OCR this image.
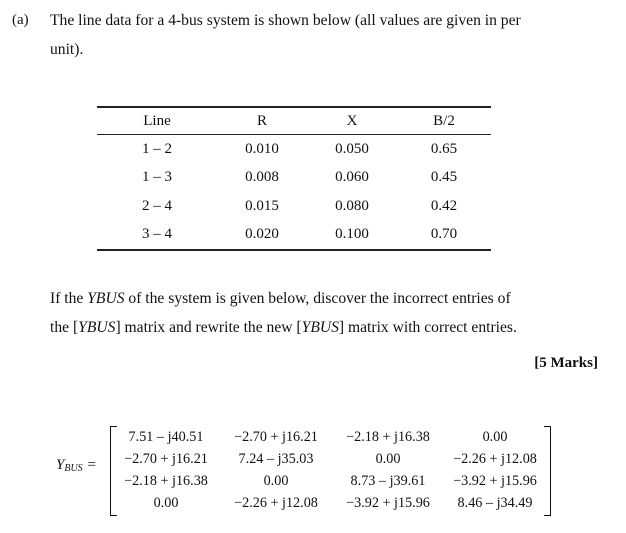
(a) The line data for a 4-bus system is shown below (all values are given in per
unit).
Line	R	X	B/2
1 – 2	0.010	0.050	0.65
1 – 3	0.008	0.060	0.45
2 – 4	0.015	0.080	0.42
3 – 4	0.020	0.100	0.70
If the YBUS of the system is given below, discover the incorrect entries of
the [YBUS] matrix and rewrite the new [YBUS] matrix with correct entries.
[5 Marks]
$Y_{BUS}$ =
7.51 – j40.51	−2.70 + j16.21	−2.18 + j16.38	0.00
−2.70 + j16.21	7.24 – j35.03	0.00	−2.26 + j12.08
−2.18 + j16.38	0.00	8.73 – j39.61	−3.92 + j15.96
0.00	−2.26 + j12.08	−3.92 + j15.96	8.46 – j34.49
